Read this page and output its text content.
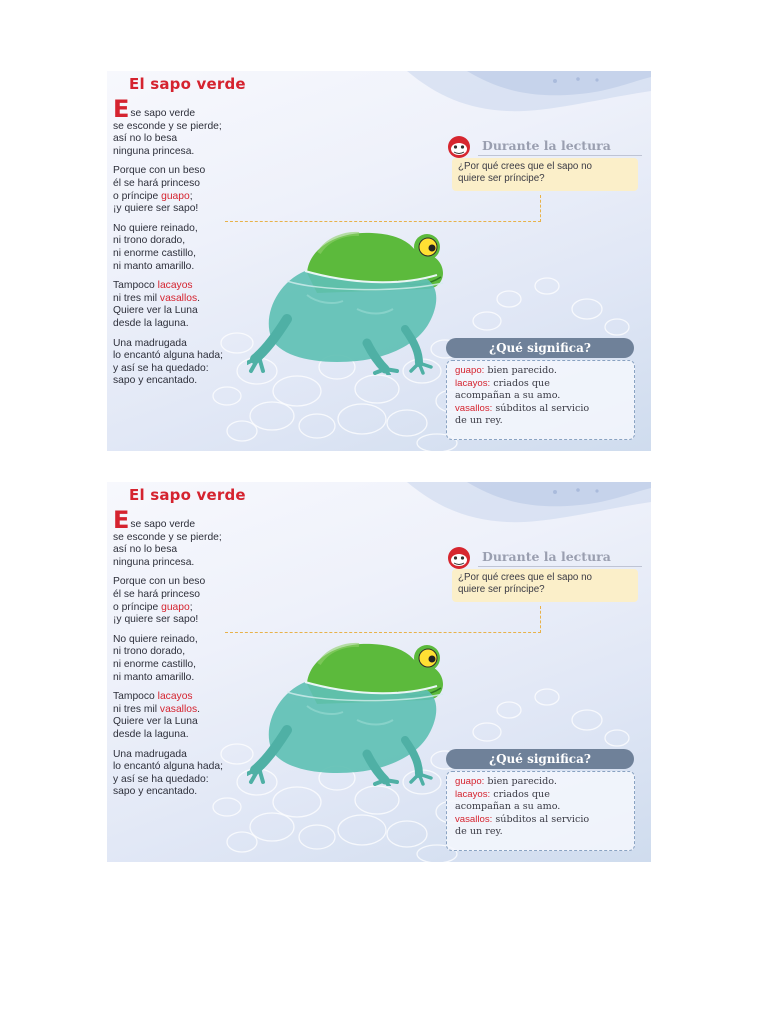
El sapo verde
Ese sapo verde
se esconde y se pierde;
así no lo besa
ninguna princesa.
Porque con un beso
él se hará princeso
o príncipe guapo;
¡y quiere ser sapo!
No quiere reinado,
ni trono dorado,
ni enorme castillo,
ni manto amarillo.
Tampoco lacayos
ni tres mil vasallos.
Quiere ver la Luna
desde la laguna.
Una madrugada
lo encantó alguna hada;
y así se ha quedado:
sapo y encantado.
Durante la lectura
¿Por qué crees que el sapo no
quiere ser príncipe?
¿Qué significa?
guapo: bien parecido.
lacayos: criados que
acompañan a su amo.
vasallos: súbditos al servicio
de un rey.
El sapo verde
Ese sapo verde
se esconde y se pierde;
así no lo besa
ninguna princesa.
Porque con un beso
él se hará princeso
o príncipe guapo;
¡y quiere ser sapo!
No quiere reinado,
ni trono dorado,
ni enorme castillo,
ni manto amarillo.
Tampoco lacayos
ni tres mil vasallos.
Quiere ver la Luna
desde la laguna.
Una madrugada
lo encantó alguna hada;
y así se ha quedado:
sapo y encantado.
Durante la lectura
¿Por qué crees que el sapo no
quiere ser príncipe?
¿Qué significa?
guapo: bien parecido.
lacayos: criados que
acompañan a su amo.
vasallos: súbditos al servicio
de un rey.
